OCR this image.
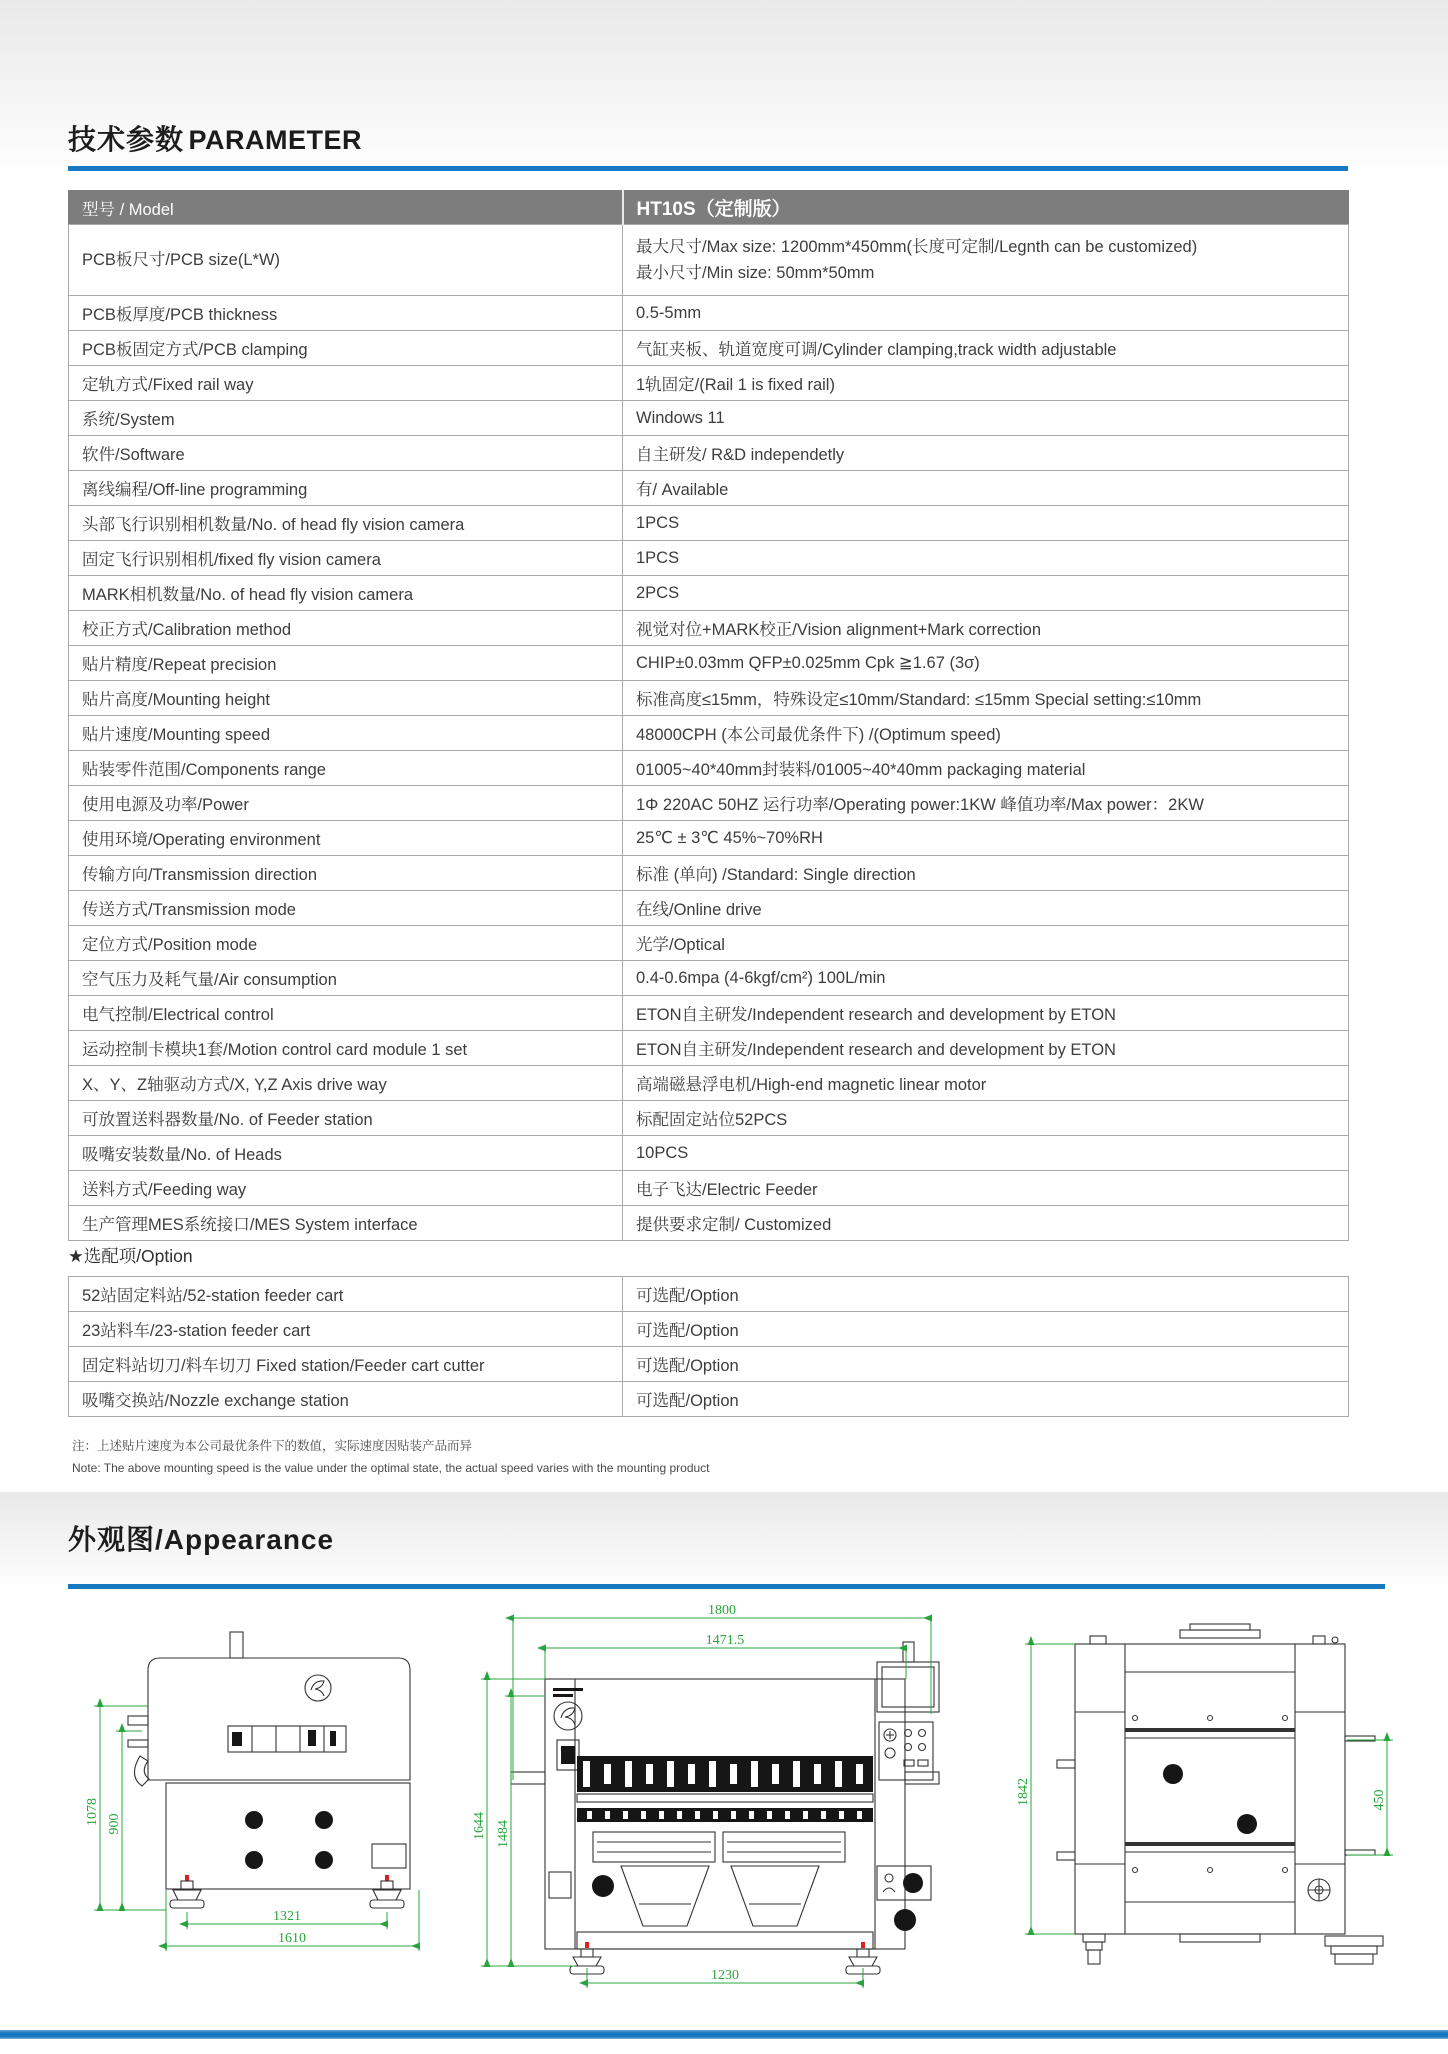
技术参数 PARAMETER
型号 / Model	HT10S（定制版）
PCB板尺寸/PCB size(L*W)	最大尺寸/Max size: 1200mm*450mm(长度可定制/Legnth can be customized)
最小尺寸/Min size: 50mm*50mm

PCB板厚度/PCB thickness	0.5-5mm
PCB板固定方式/PCB clamping	气缸夹板、轨道宽度可调/Cylinder clamping,track width adjustable
定轨方式/Fixed rail way	1轨固定/(Rail 1 is fixed rail)
系统/System	Windows 11
软件/Software	自主研发/ R&D independetly
离线编程/Off-line programming	有/ Available
头部飞行识别相机数量/No. of head fly vision camera	1PCS
固定飞行识别相机/fixed fly vision camera	1PCS
MARK相机数量/No. of head fly vision camera	2PCS
校正方式/Calibration method	视觉对位+MARK校正/Vision alignment+Mark correction
贴片精度/Repeat precision	CHIP±0.03mm QFP±0.025mm Cpk ≧1.67 (3σ)
贴片高度/Mounting height	标准高度≤15mm，特殊设定≤10mm/Standard: ≤15mm Special setting:≤10mm
贴片速度/Mounting speed	48000CPH (本公司最优条件下) /(Optimum speed)
贴装零件范围/Components range	01005~40*40mm封装料/01005~40*40mm packaging material
使用电源及功率/Power	1Φ 220AC 50HZ 运行功率/Operating power:1KW 峰值功率/Max power：2KW
使用环境/Operating environment	25℃ ± 3℃ 45%~70%RH
传输方向/Transmission direction	标准 (单向) /Standard: Single direction
传送方式/Transmission mode	在线/Online drive
定位方式/Position mode	光学/Optical
空气压力及耗气量/Air consumption	0.4-0.6mpa (4-6kgf/cm²) 100L/min
电气控制/Electrical control	ETON自主研发/Independent research and development by ETON
运动控制卡模块1套/Motion control card module 1 set	ETON自主研发/Independent research and development by ETON
X、Y、Z轴驱动方式/X, Y,Z Axis drive way	高端磁悬浮电机/High-end magnetic linear motor
可放置送料器数量/No. of Feeder station	标配固定站位52PCS
吸嘴安装数量/No. of Heads	10PCS
送料方式/Feeding way	电子飞达/Electric Feeder
生产管理MES系统接口/MES System interface	提供要求定制/ Customized
★选配项/Option
52站固定料站/52-station feeder cart	可选配/Option
23站料车/23-station feeder cart	可选配/Option
固定料站切刀/料车切刀 Fixed station/Feeder cart cutter	可选配/Option
吸嘴交换站/Nozzle exchange station	可选配/Option
注：上述贴片速度为本公司最优条件下的数值，实际速度因贴装产品而异
Note: The above mounting speed is the value under the optimal state, the actual speed varies with the mounting product
外观图/Appearance
1078 900
1321
1610
1644 1484
1800
1471.5
1230
1842	450
